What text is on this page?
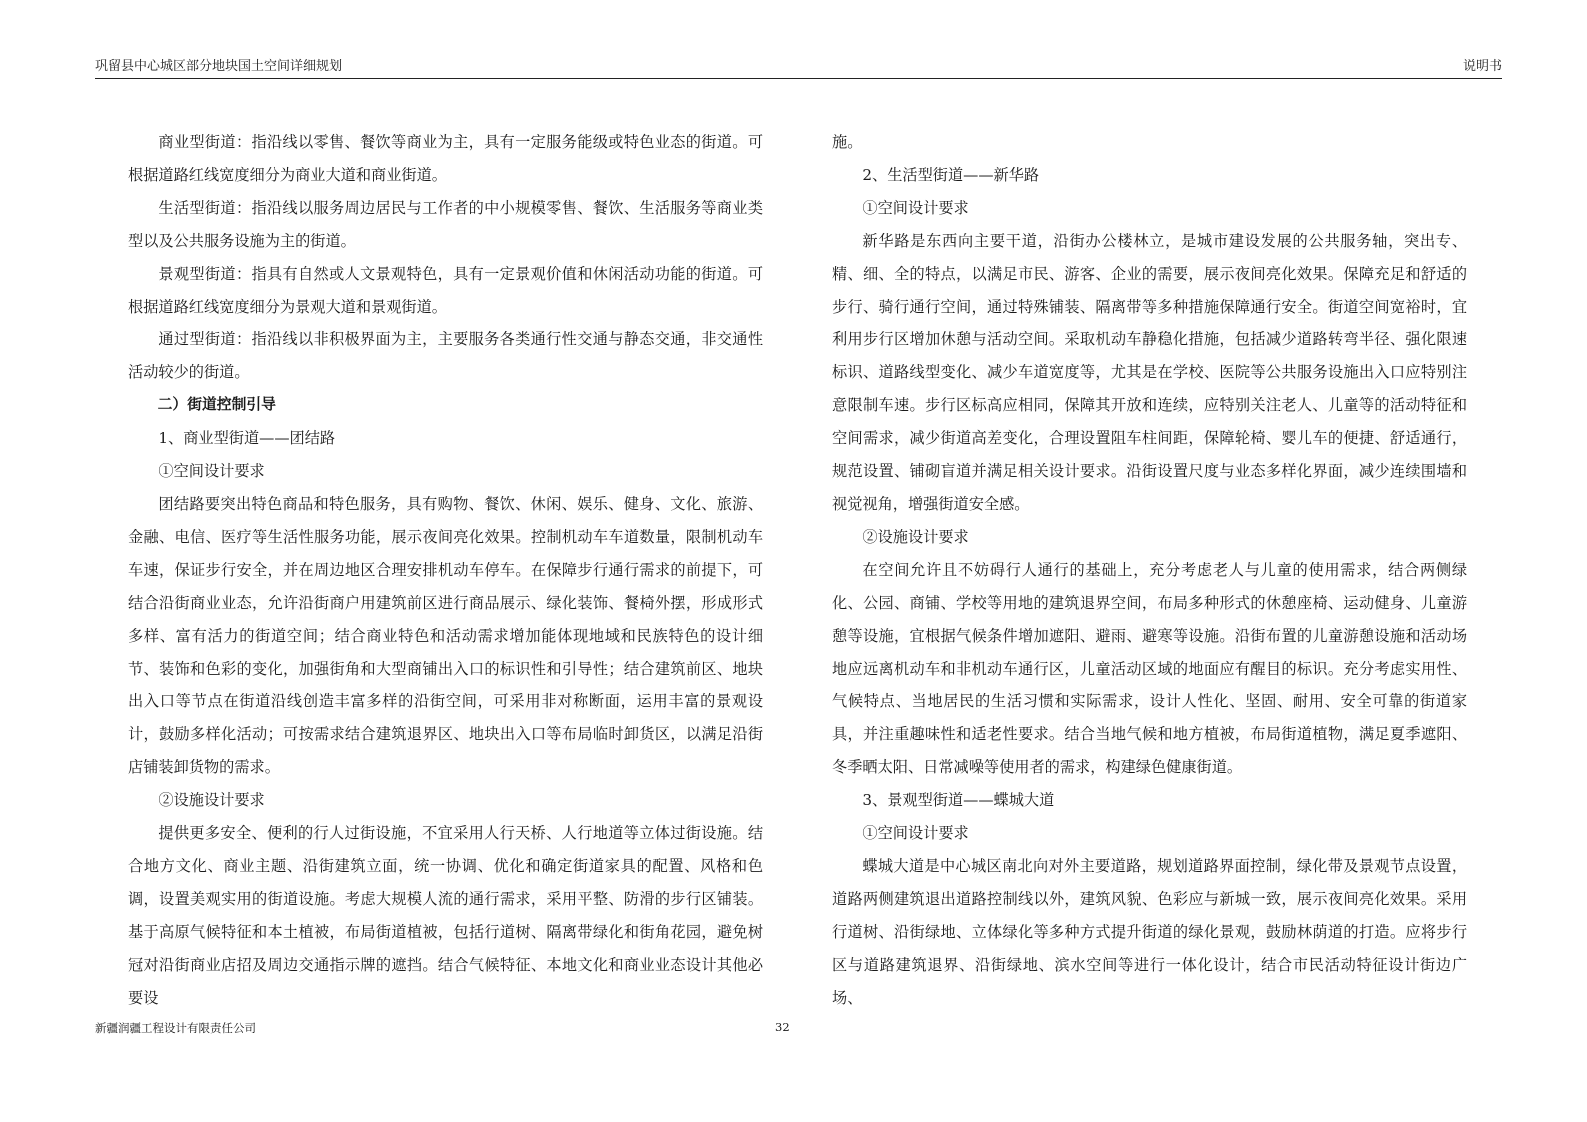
巩留县中心城区部分地块国土空间详细规划	说明书

商业型街道：指沿线以零售、餐饮等商业为主，具有一定服务能级或特色业态的街道。可根据道路红线宽度细分为商业大道和商业街道。

生活型街道：指沿线以服务周边居民与工作者的中小规模零售、餐饮、生活服务等商业类型以及公共服务设施为主的街道。

景观型街道：指具有自然或人文景观特色，具有一定景观价值和休闲活动功能的街道。可根据道路红线宽度细分为景观大道和景观街道。

通过型街道：指沿线以非积极界面为主，主要服务各类通行性交通与静态交通，非交通性活动较少的街道。

二）街道控制引导

1、商业型街道——团结路

①空间设计要求

团结路要突出特色商品和特色服务，具有购物、餐饮、休闲、娱乐、健身、文化、旅游、金融、电信、医疗等生活性服务功能，展示夜间亮化效果。控制机动车车道数量，限制机动车车速，保证步行安全，并在周边地区合理安排机动车停车。在保障步行通行需求的前提下，可结合沿街商业业态，允许沿街商户用建筑前区进行商品展示、绿化装饰、餐椅外摆，形成形式多样、富有活力的街道空间；结合商业特色和活动需求增加能体现地域和民族特色的设计细节、装饰和色彩的变化，加强街角和大型商铺出入口的标识性和引导性；结合建筑前区、地块出入口等节点在街道沿线创造丰富多样的沿街空间，可采用非对称断面，运用丰富的景观设计，鼓励多样化活动；可按需求结合建筑退界区、地块出入口等布局临时卸货区，以满足沿街店铺装卸货物的需求。

②设施设计要求

提供更多安全、便利的行人过街设施，不宜采用人行天桥、人行地道等立体过街设施。结合地方文化、商业主题、沿街建筑立面，统一协调、优化和确定街道家具的配置、风格和色调，设置美观实用的街道设施。考虑大规模人流的通行需求，采用平整、防滑的步行区铺装。基于高原气候特征和本土植被，布局街道植被，包括行道树、隔离带绿化和街角花园，避免树冠对沿街商业店招及周边交通指示牌的遮挡。结合气候特征、本地文化和商业业态设计其他必要设

施。

2、生活型街道——新华路

①空间设计要求

新华路是东西向主要干道，沿街办公楼林立，是城市建设发展的公共服务轴，突出专、精、细、全的特点，以满足市民、游客、企业的需要，展示夜间亮化效果。保障充足和舒适的步行、骑行通行空间，通过特殊铺装、隔离带等多种措施保障通行安全。街道空间宽裕时，宜利用步行区增加休憩与活动空间。采取机动车静稳化措施，包括减少道路转弯半径、强化限速标识、道路线型变化、减少车道宽度等，尤其是在学校、医院等公共服务设施出入口应特别注意限制车速。步行区标高应相同，保障其开放和连续，应特别关注老人、儿童等的活动特征和空间需求，减少街道高差变化，合理设置阻车柱间距，保障轮椅、婴儿车的便捷、舒适通行，规范设置、铺砌盲道并满足相关设计要求。沿街设置尺度与业态多样化界面，减少连续围墙和视觉视角，增强街道安全感。

②设施设计要求

在空间允许且不妨碍行人通行的基础上，充分考虑老人与儿童的使用需求，结合两侧绿化、公园、商铺、学校等用地的建筑退界空间，布局多种形式的休憩座椅、运动健身、儿童游憩等设施，宜根据气候条件增加遮阳、避雨、避寒等设施。沿街布置的儿童游憩设施和活动场地应远离机动车和非机动车通行区，儿童活动区域的地面应有醒目的标识。充分考虑实用性、气候特点、当地居民的生活习惯和实际需求，设计人性化、坚固、耐用、安全可靠的街道家具，并注重趣味性和适老性要求。结合当地气候和地方植被，布局街道植物，满足夏季遮阳、冬季晒太阳、日常减噪等使用者的需求，构建绿色健康街道。

3、景观型街道——蝶城大道

①空间设计要求

蝶城大道是中心城区南北向对外主要道路，规划道路界面控制，绿化带及景观节点设置，道路两侧建筑退出道路控制线以外，建筑风貌、色彩应与新城一致，展示夜间亮化效果。采用行道树、沿街绿地、立体绿化等多种方式提升街道的绿化景观，鼓励林荫道的打造。应将步行区与道路建筑退界、沿街绿地、滨水空间等进行一体化设计，结合市民活动特征设计街边广场、

新疆润疆工程设计有限责任公司	32
